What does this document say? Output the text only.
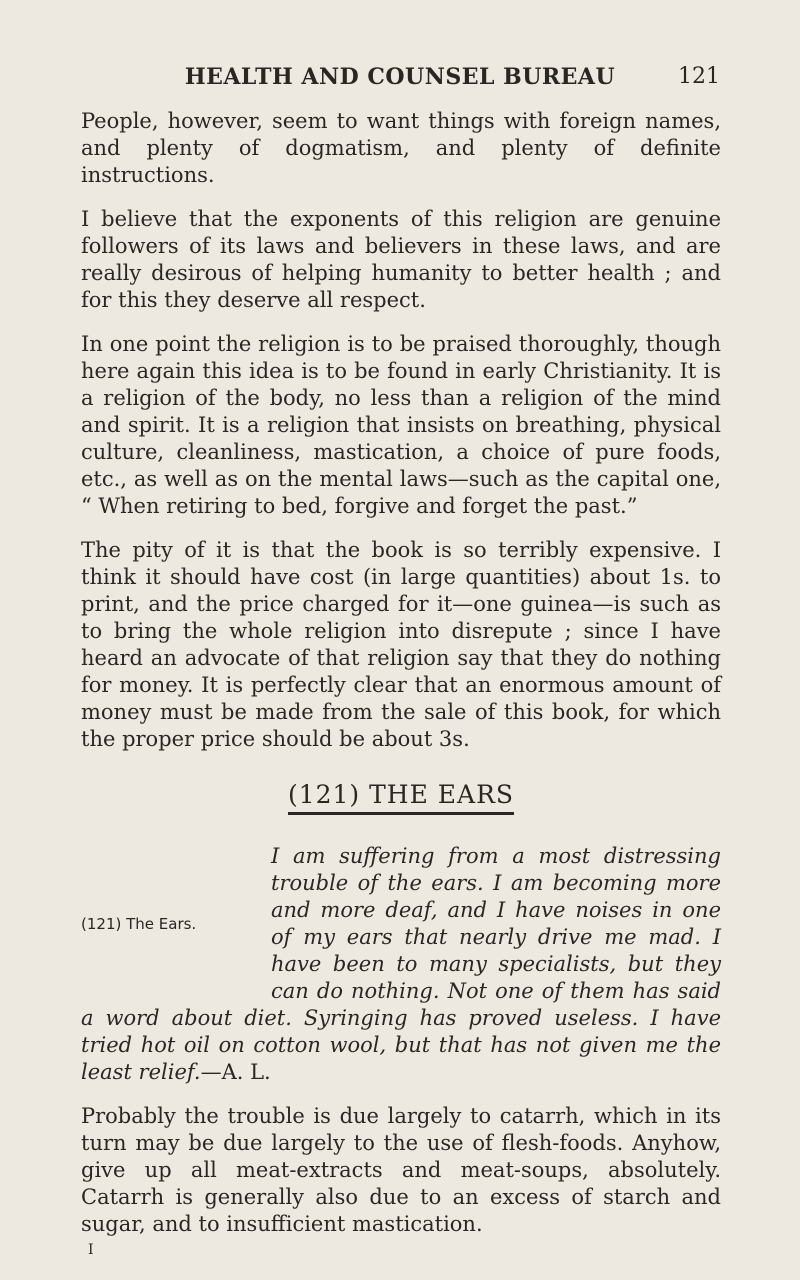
HEALTH AND COUNSEL BUREAU	121

People, however, seem to want things with foreign names, and plenty of dogmatism, and plenty of definite instructions.

I believe that the exponents of this religion are genuine followers of its laws and believers in these laws, and are really desirous of helping humanity to better health ; and for this they deserve all respect.

In one point the religion is to be praised thoroughly, though here again this idea is to be found in early Christianity. It is a religion of the body, no less than a religion of the mind and spirit. It is a religion that insists on breathing, physical culture, cleanliness, mastication, a choice of pure foods, etc., as well as on the mental laws—such as the capital one, “ When retiring to bed, forgive and forget the past.”

The pity of it is that the book is so terribly expensive. I think it should have cost (in large quantities) about 1s. to print, and the price charged for it—one guinea—is such as to bring the whole religion into disrepute ; since I have heard an advocate of that religion say that they do nothing for money. It is perfectly clear that an enormous amount of money must be made from the sale of this book, for which the proper price should be about 3s.

(121) THE EARS
(121) The Ears.
I am suffering from a most distressing trouble of the ears. I am becoming more and more deaf, and I have noises in one of my ears that nearly drive me mad. I have been to many specialists, but they can do nothing. Not one of them has said a word about diet. Syringing has proved useless. I have tried hot oil on cotton wool, but that has not given me the least relief.—A. L.

Probably the trouble is due largely to catarrh, which in its turn may be due largely to the use of flesh-foods. Anyhow, give up all meat-extracts and meat-soups, absolutely. Catarrh is generally also due to an excess of starch and sugar, and to insufficient mastication.

I
